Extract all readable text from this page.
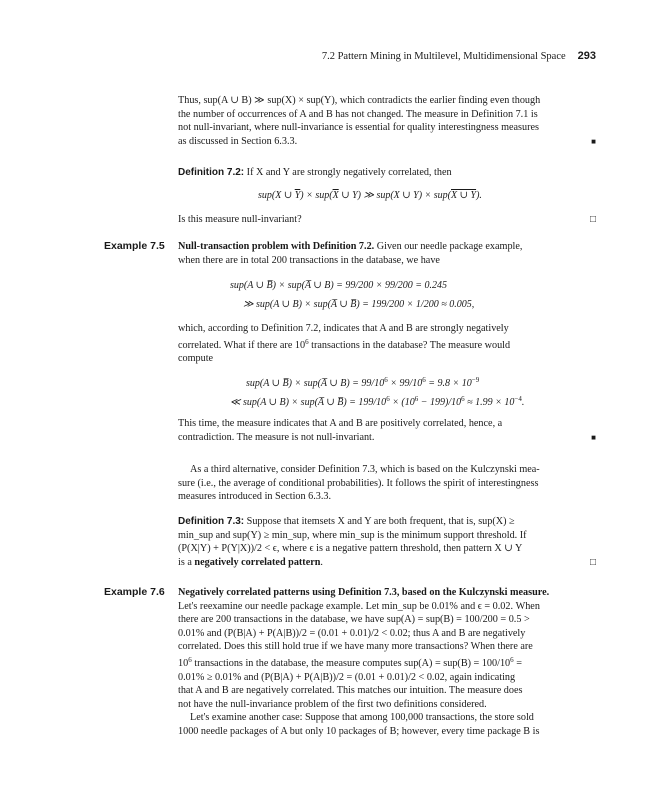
7.2 Pattern Mining in Multilevel, Multidimensional Space 293

Thus, sup(A ∪ B) ≫ sup(X) × sup(Y), which contradicts the earlier finding even though

the number of occurrences of A and B has not changed. The measure in Definition 7.1 is

not null-invariant, where null-invariance is essential for quality interestingness measures

as discussed in Section 6.3.3.	■

Definition 7.2: If X and Y are strongly negatively correlated, then

sup(X ∪ $\overline{Y}) \times sup(\overline{X}$ ∪ Y) ≫ sup(X ∪ Y) × sup(X ∪ Y).

Is this measure null-invariant?	□

Example 7.5 Null-transaction problem with Definition 7.2. Given our needle package example,

when there are in total 200 transactions in the database, we have

sup(A ∪ B̅) × sup(A̅ ∪ B) = 99/200 × 99/200 = 0.245
≫ sup(A ∪ B) × sup(A̅ ∪ B̅) = 199/200 × 1/200 ≈ 0.005,

which, according to Definition 7.2, indicates that A and B are strongly negatively

correlated. What if there are $10^6$ transactions in the database? The measure would

compute

sup(A ∪ B̅) × sup(A̅ ∪ $B) = 99/10^6 \times 99/10^6 = 9.8 \times 10^{-9}$
≪ sup(A ∪ B) × sup(A̅ ∪ B̅) = $199/10^6 \times (10^6 - 199)/10^6 \approx 1.99 \times 10^{-4}$.

This time, the measure indicates that A and B are positively correlated, hence, a

contradiction. The measure is not null-invariant.	■

As a third alternative, consider Definition 7.3, which is based on the Kulczynski mea-

sure (i.e., the average of conditional probabilities). It follows the spirit of interestingness

measures introduced in Section 6.3.3.

Definition 7.3: Suppose that itemsets X and Y are both frequent, that is, sup(X) ≥

min_sup and sup(Y) ≥ min_sup, where min_sup is the minimum support threshold. If

(P(X|Y) + P(Y|X))/2 < ϵ, where ϵ is a negative pattern threshold, then pattern X ∪ Y

is a negatively correlated pattern.	□

Example 7.6 Negatively correlated patterns using Definition 7.3, based on the Kulczynski measure.

Let's reexamine our needle package example. Let min_sup be 0.01% and ϵ = 0.02. When

there are 200 transactions in the database, we have sup(A) = sup(B) = 100/200 = 0.5 >

0.01% and (P(B|A) + P(A|B))/2 = (0.01 + 0.01)/2 < 0.02; thus A and B are negatively

correlated. Does this still hold true if we have many more transactions? When there are

$10^6$ transactions in the database, the measure computes $sup(A) = sup(B) = 100/10^6$ =

0.01% ≥ 0.01% and (P(B|A) + P(A|B))/2 = (0.01 + 0.01)/2 < 0.02, again indicating

that A and B are negatively correlated. This matches our intuition. The measure does

not have the null-invariance problem of the first two definitions considered.

Let's examine another case: Suppose that among 100,000 transactions, the store sold

1000 needle packages of A but only 10 packages of B; however, every time package B is
